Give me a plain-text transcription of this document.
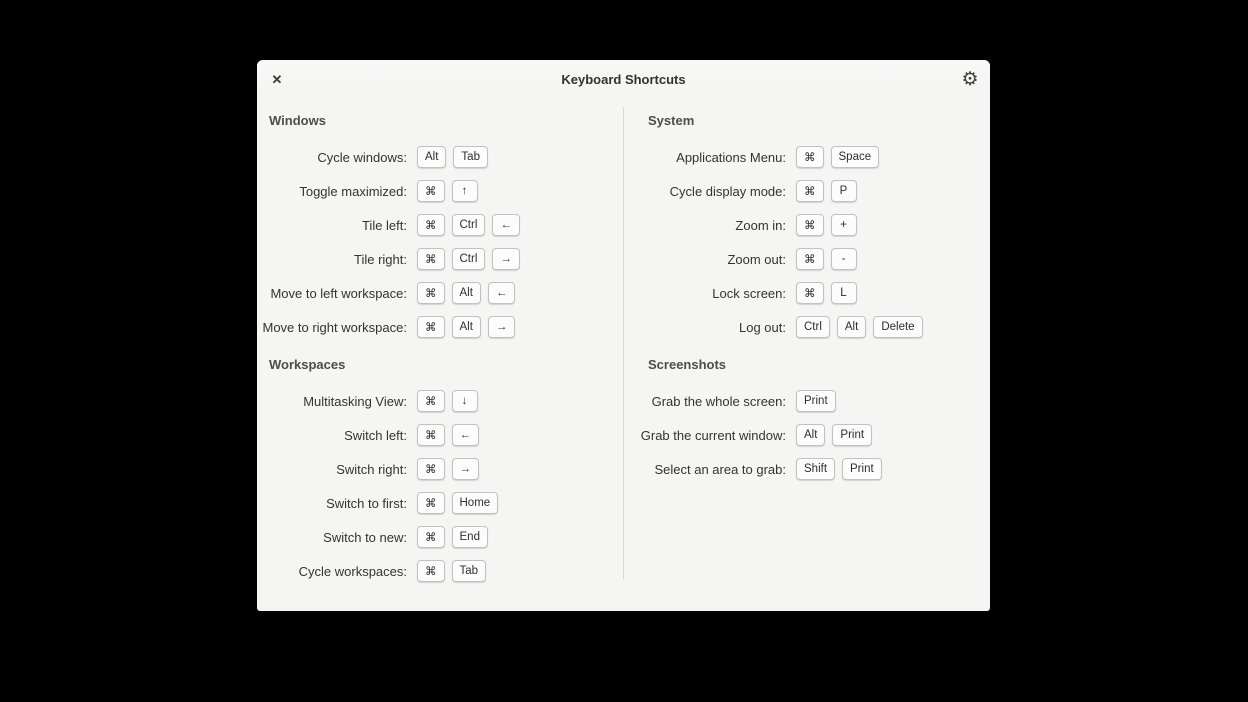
✕	Keyboard Shortcuts	⚙
Windows
Cycle windows:	Alt	Tab
Toggle maximized:	⌘	↑
Tile left:	⌘	Ctrl	←
Tile right:	⌘	Ctrl	→
Move to left workspace:	⌘	Alt	←
Move to right workspace:	⌘	Alt	→
Workspaces
Multitasking View:	⌘	↓
Switch left:	⌘	←
Switch right:	⌘	→
Switch to first:	⌘	Home
Switch to new:	⌘	End
Cycle workspaces:	⌘	Tab
System
Applications Menu:	⌘	Space
Cycle display mode:	⌘	P
Zoom in:	⌘	+
Zoom out:	⌘	-
Lock screen:	⌘	L
Log out:	Ctrl	Alt	Delete
Screenshots
Grab the whole screen:	Print
Grab the current window:	Alt	Print
Select an area to grab:	Shift	Print
